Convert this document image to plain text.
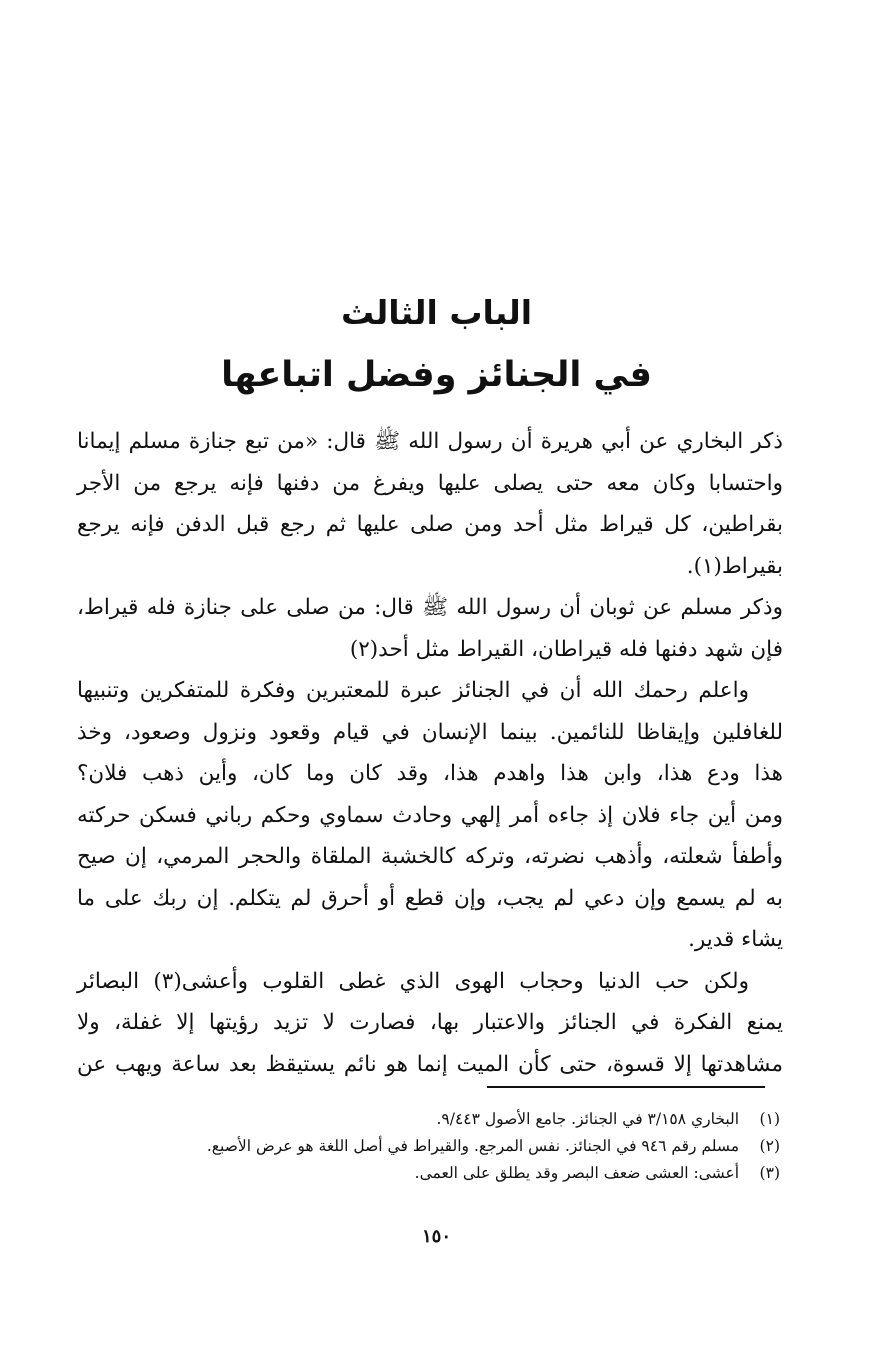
الباب الثالث
في الجنائز وفضل اتباعها
ذكر البخاري عن أبي هريرة أن رسول الله ﷺ قال: «من تبع جنازة مسلم إيمانا
واحتسابا وكان معه حتى يصلى عليها ويفرغ من دفنها فإنه يرجع من الأجر
بقراطين، كل قيراط مثل أحد ومن صلى عليها ثم رجع قبل الدفن فإنه يرجع
بقيراط(١).
وذكر مسلم عن ثوبان أن رسول الله ﷺ قال: من صلى على جنازة فله قيراط،
فإن شهد دفنها فله قيراطان، القيراط مثل أحد(٢)
واعلم رحمك الله أن في الجنائز عبرة للمعتبرين وفكرة للمتفكرين وتنبيها
للغافلين وإيقاظا للنائمين. بينما الإنسان في قيام وقعود ونزول وصعود، وخذ
هذا ودع هذا، وابن هذا واهدم هذا، وقد كان وما كان، وأين ذهب فلان؟
ومن أين جاء فلان إذ جاءه أمر إلهي وحادث سماوي وحكم رباني فسكن حركته
وأطفأ شعلته، وأذهب نضرته، وتركه كالخشبة الملقاة والحجر المرمي، إن صيح
به لم يسمع وإن دعي لم يجب، وإن قطع أو أحرق لم يتكلم. إن ربك على ما
يشاء قدير.
ولكن حب الدنيا وحجاب الهوى الذي غطى القلوب وأعشى(٣) البصائر
يمنع الفكرة في الجنائز والاعتبار بها، فصارت لا تزيد رؤيتها إلا غفلة، ولا
مشاهدتها إلا قسوة، حتى كأن الميت إنما هو نائم يستيقظ بعد ساعة ويهب عن
(١) البخاري ٣/١٥٨ في الجنائز. جامع الأصول ٩/٤٤٣.
(٢) مسلم رقم ٩٤٦ في الجنائز. نفس المرجع. والقيراط في أصل اللغة هو عرض الأصبع.
(٣) أعشى: العشى ضعف البصر وقد يطلق على العمى.
١٥٠
